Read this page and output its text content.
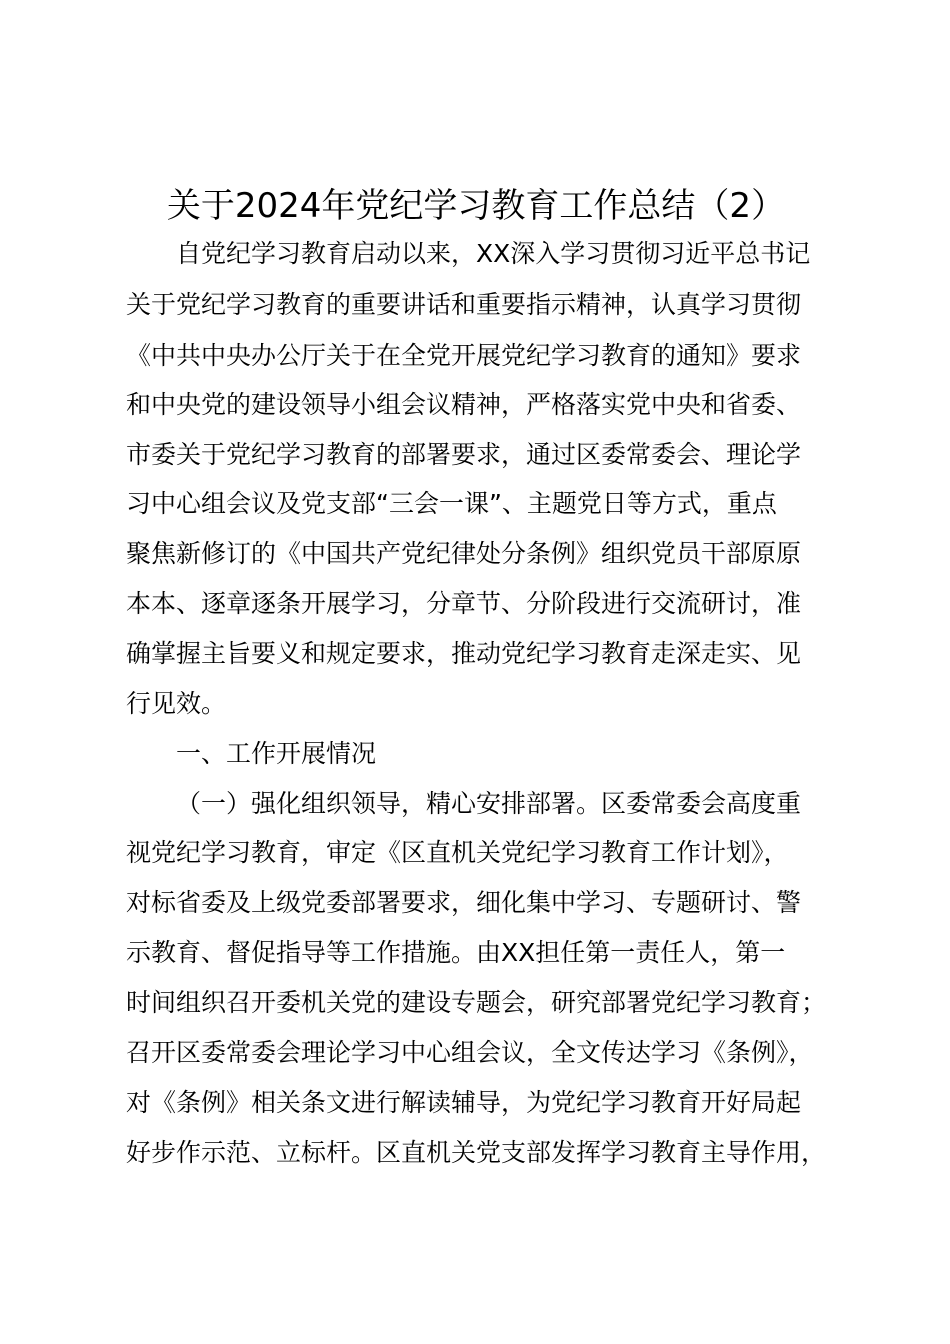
关于2024年党纪学习教育工作总结（2）
自党纪学习教育启动以来，XX深入学习贯彻习近平总书记
关于党纪学习教育的重要讲话和重要指示精神，认真学习贯彻
《中共中央办公厅关于在全党开展党纪学习教育的通知》要求
和中央党的建设领导小组会议精神，严格落实党中央和省委、
市委关于党纪学习教育的部署要求，通过区委常委会、理论学
习中心组会议及党支部“三会一课”、主题党日等方式，重点
聚焦新修订的《中国共产党纪律处分条例》组织党员干部原原
本本、逐章逐条开展学习，分章节、分阶段进行交流研讨，准
确掌握主旨要义和规定要求，推动党纪学习教育走深走实、见
行见效。
一、工作开展情况
（一）强化组织领导，精心安排部署。区委常委会高度重
视党纪学习教育，审定《区直机关党纪学习教育工作计划》，
对标省委及上级党委部署要求，细化集中学习、专题研讨、警
示教育、督促指导等工作措施。由XX担任第一责任人，第一
时间组织召开委机关党的建设专题会，研究部署党纪学习教育；
召开区委常委会理论学习中心组会议，全文传达学习《条例》，
对《条例》相关条文进行解读辅导，为党纪学习教育开好局起
好步作示范、立标杆。区直机关党支部发挥学习教育主导作用，
